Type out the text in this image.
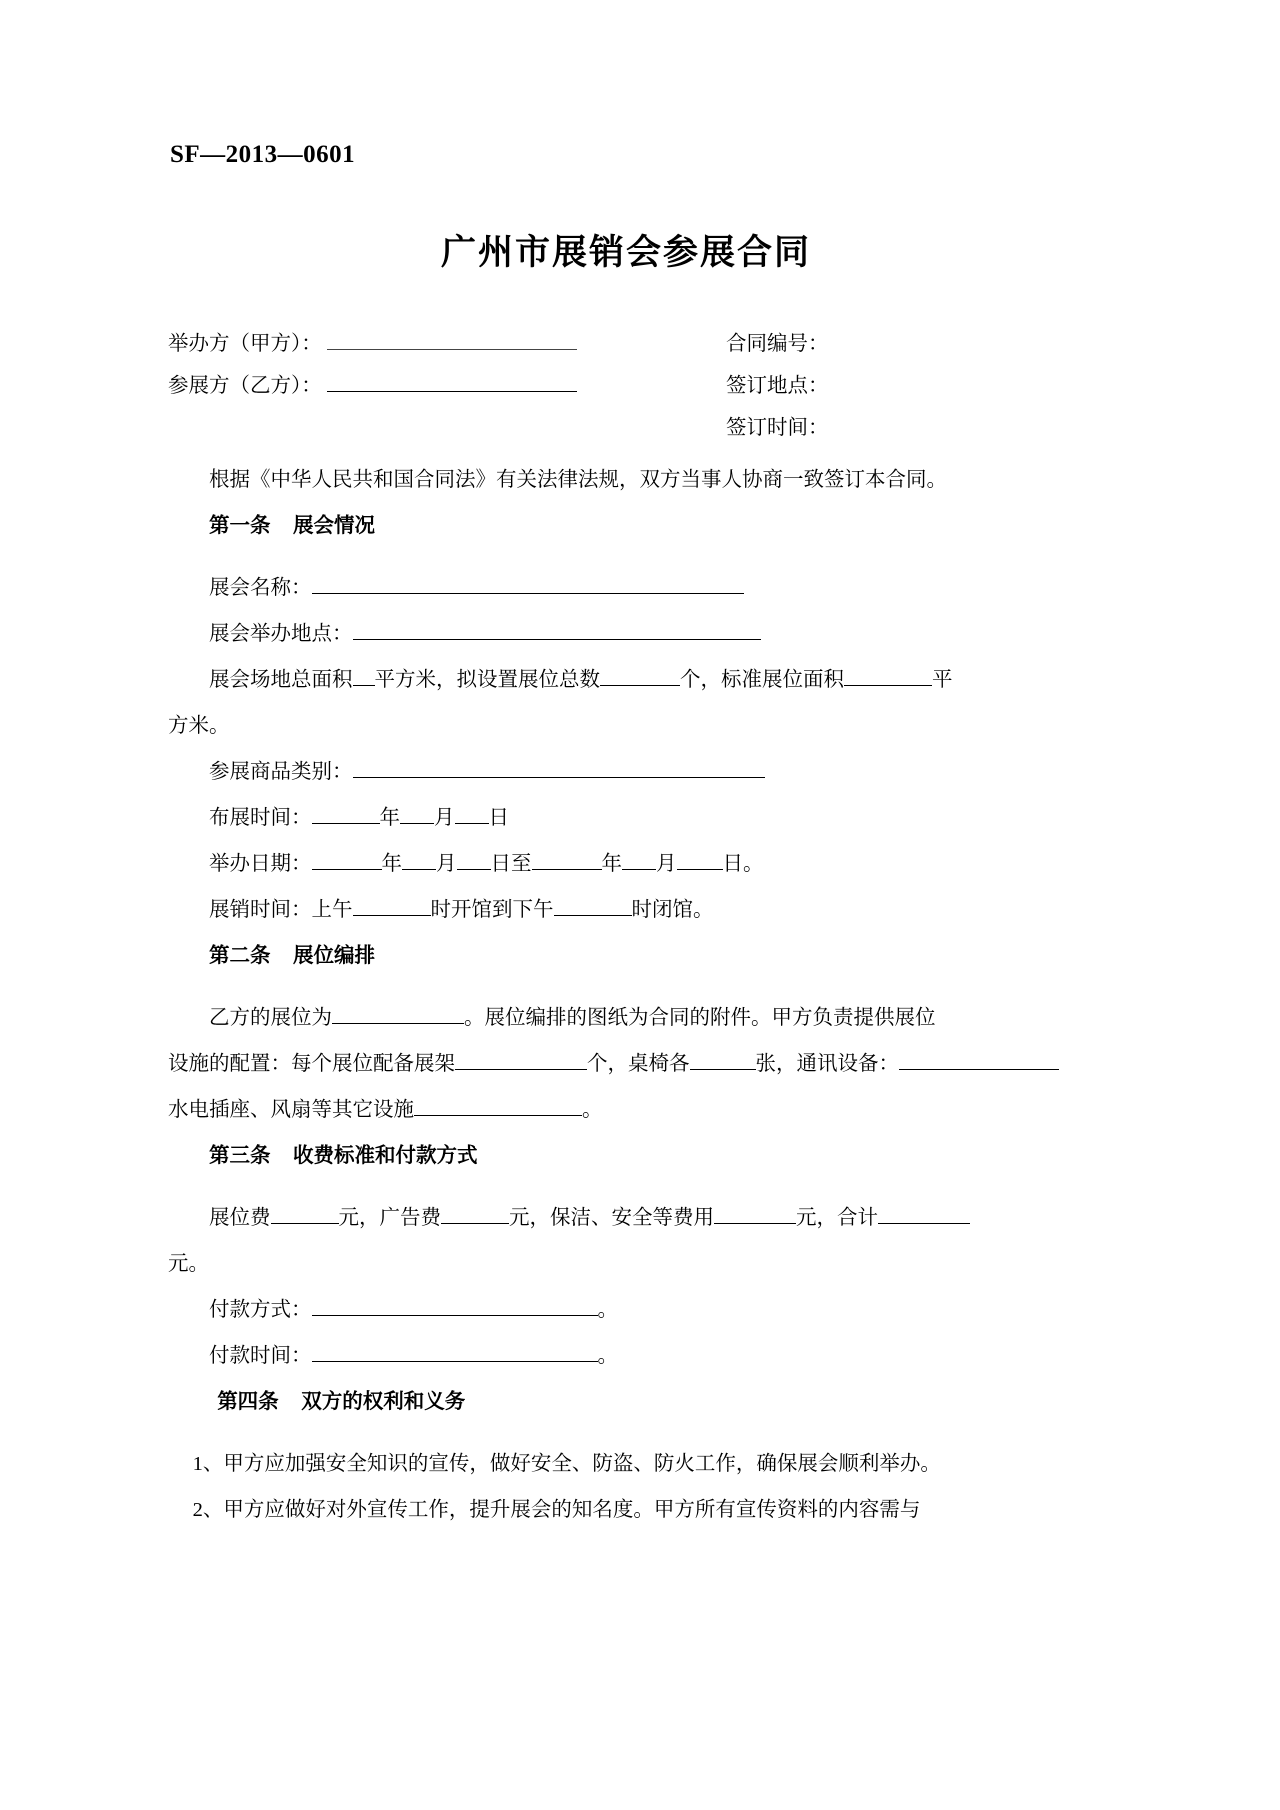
SF—2013—0601
广州市展销会参展合同
合同编号：
签订地点：
签订时间：
举办方（甲方）：
参展方（乙方）：

根据《中华人民共和国合同法》有关法律法规，双方当事人协商一致签订本合同。

第一条 展会情况

展会名称：

展会举办地点：

展会场地总面积 平方米，拟设置展位总数	个，标准展位面积	平

方米。

参展商品类别：

布展时间：	年 月 日

举办日期：	年 月 日至	年 月 日。

展销时间：上午	时开馆到下午	时闭馆。

第二条 展位编排

乙方的展位为	。展位编排的图纸为合同的附件。甲方负责提供展位

设施的配置：每个展位配备展架	个，桌椅各	张，通讯设备：

水电插座、风扇等其它设施	。

第三条 收费标准和付款方式

展位费	元，广告费	元，保洁、安全等费用	元，合计

元。

付款方式：	。

付款时间：	。

第四条 双方的权利和义务

1、甲方应加强安全知识的宣传，做好安全、防盗、防火工作，确保展会顺利举办。

2、甲方应做好对外宣传工作，提升展会的知名度。甲方所有宣传资料的内容需与
